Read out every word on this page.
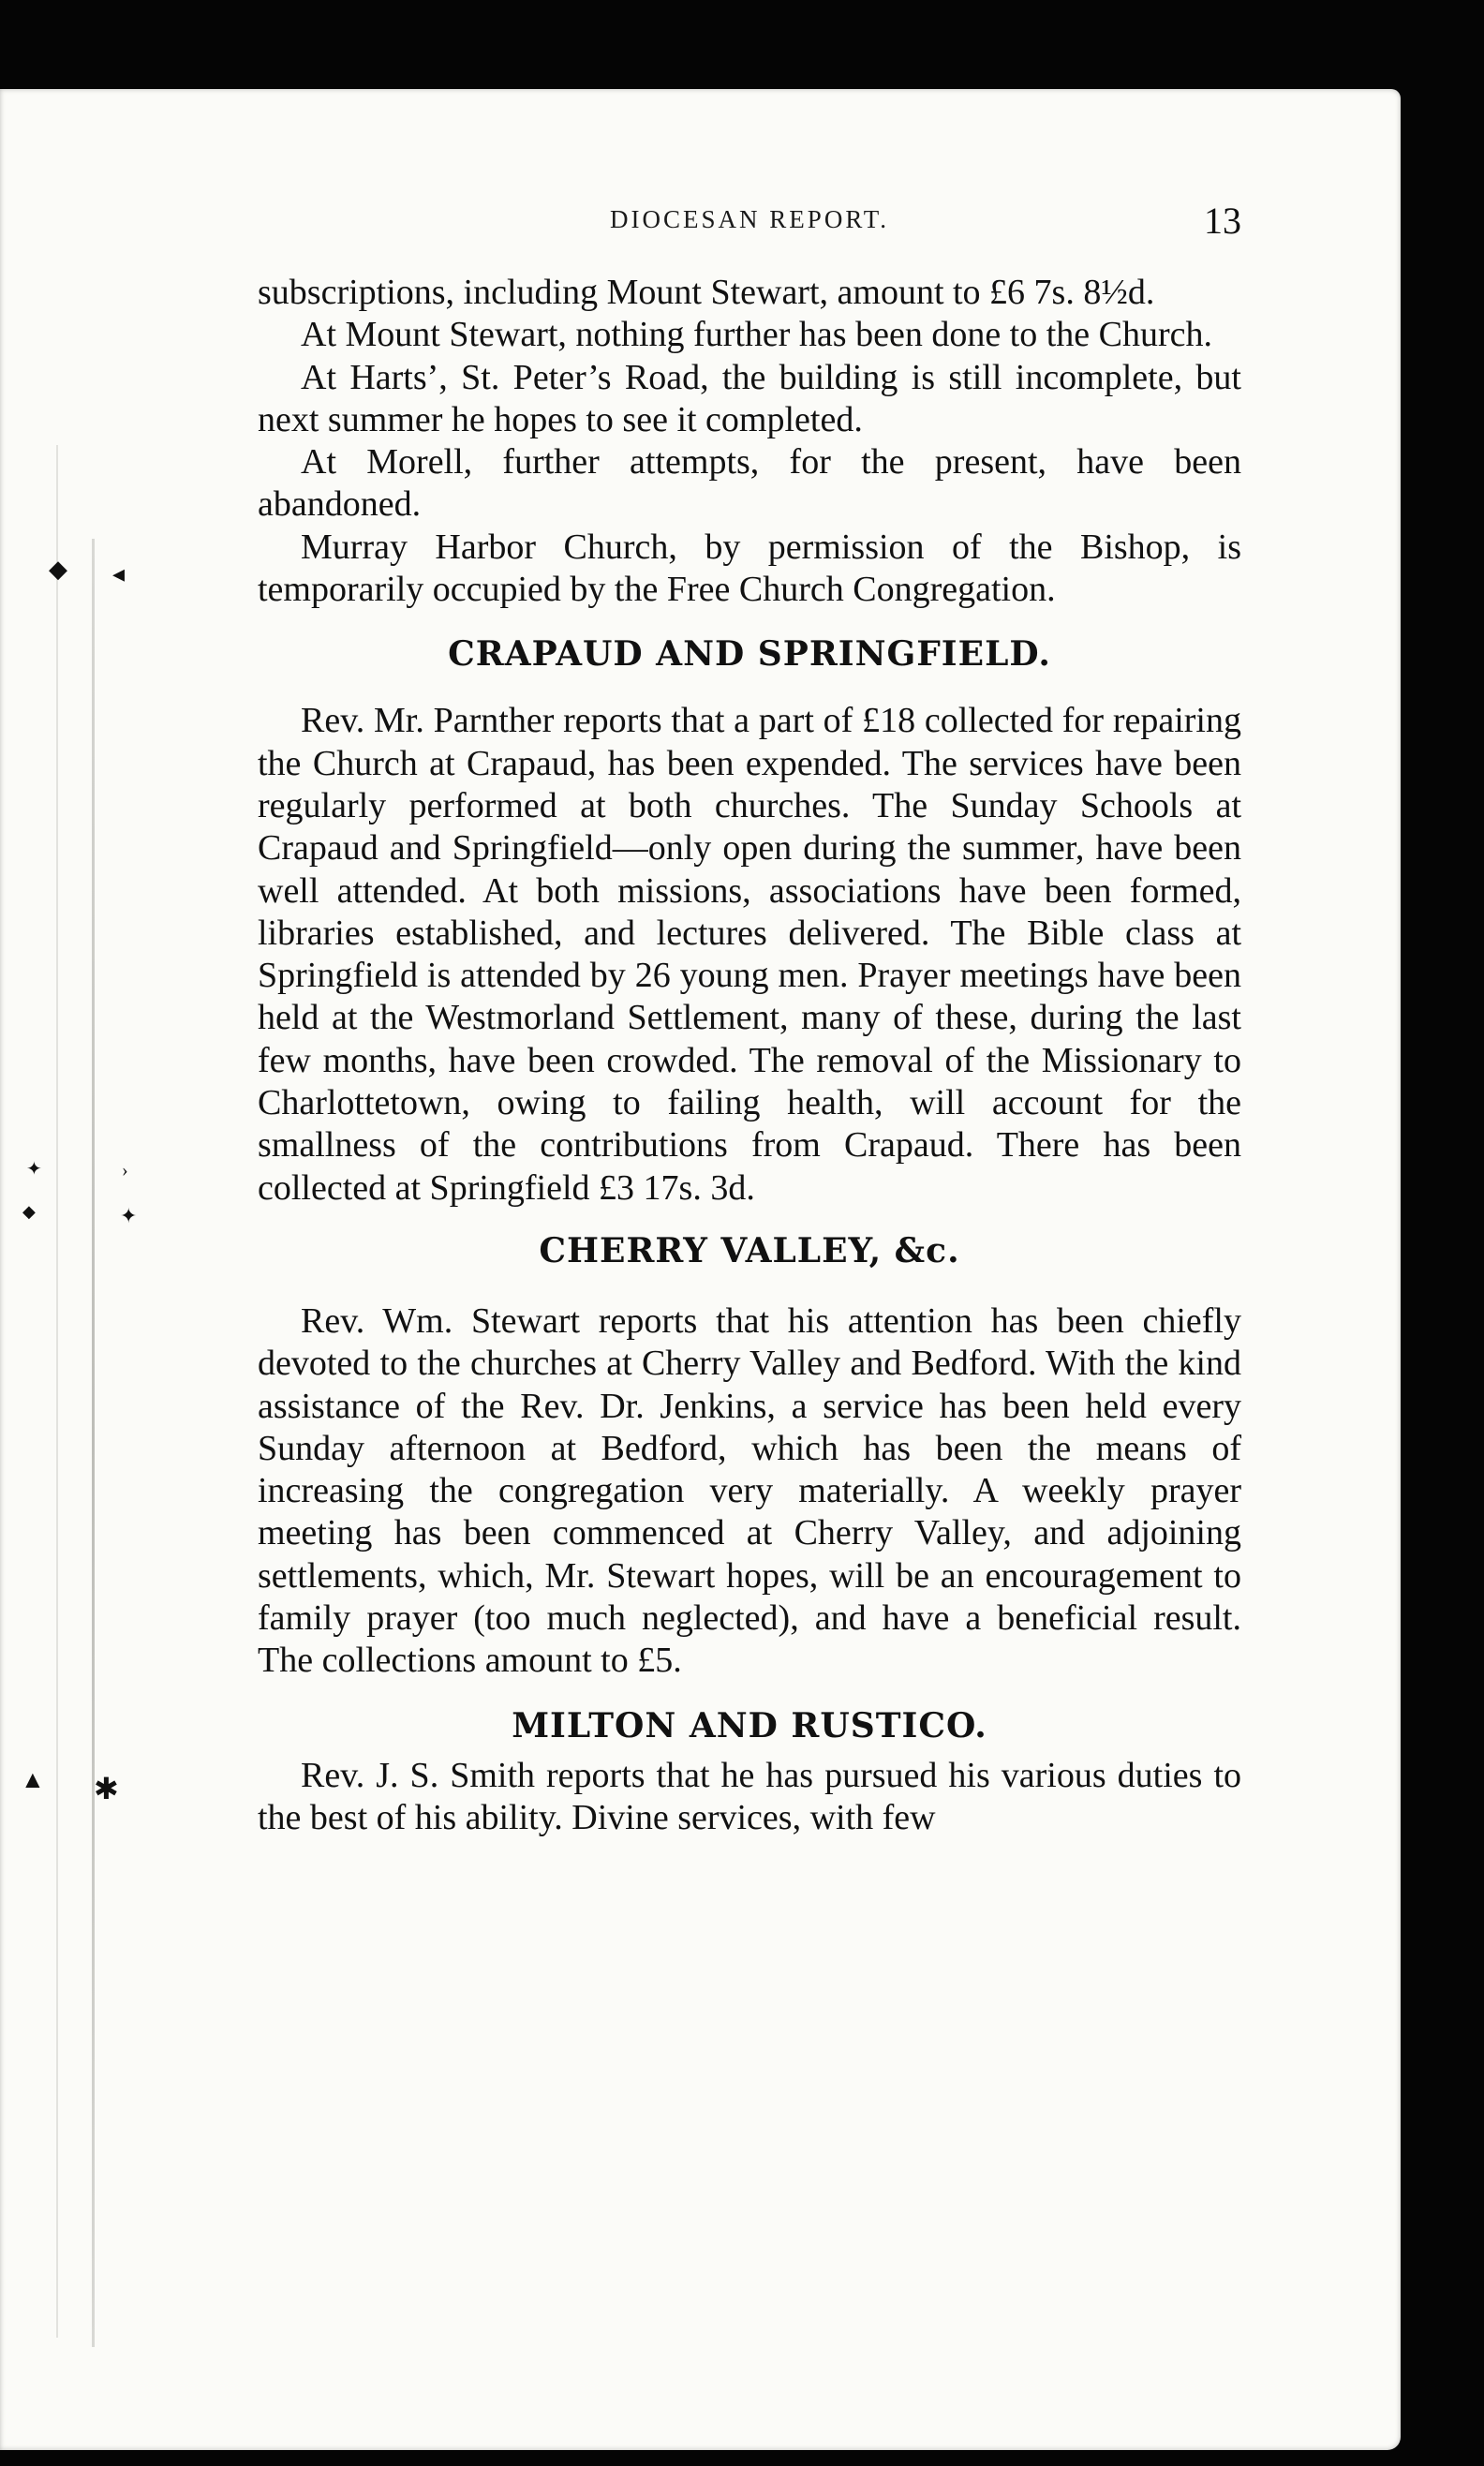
◆ ◂
✦	›
◆	✦
▲ ✱
DIOCESAN REPORT.	13

subscriptions, including Mount Stewart, amount to £6 7s. 8½d.

At Mount Stewart, nothing further has been done to the Church.

At Harts’, St. Peter’s Road, the building is still incomplete, but next summer he hopes to see it completed.

At Morell, further attempts, for the present, have been abandoned.

Murray Harbor Church, by permission of the Bishop, is temporarily occupied by the Free Church Congregation.

CRAPAUD AND SPRINGFIELD.

Rev. Mr. Parnther reports that a part of £18 collected for repairing the Church at Crapaud, has been expended. The services have been regularly performed at both churches. The Sunday Schools at Crapaud and Springfield—only open during the summer, have been well attended. At both missions, associations have been formed, libraries established, and lectures delivered. The Bible class at Springfield is attended by 26 young men. Prayer meetings have been held at the Westmorland Settlement, many of these, during the last few months, have been crowded. The removal of the Missionary to Charlottetown, owing to failing health, will account for the smallness of the contributions from Crapaud. There has been collected at Springfield £3 17s. 3d.

CHERRY VALLEY, &c.

Rev. Wm. Stewart reports that his attention has been chiefly devoted to the churches at Cherry Valley and Bedford. With the kind assistance of the Rev. Dr. Jenkins, a service has been held every Sunday afternoon at Bedford, which has been the means of increasing the congregation very materially. A weekly prayer meeting has been commenced at Cherry Valley, and adjoining settlements, which, Mr. Stewart hopes, will be an encouragement to family prayer (too much neglected), and have a beneficial result. The collections amount to £5.

MILTON AND RUSTICO.

Rev. J. S. Smith reports that he has pursued his various duties to the best of his ability. Divine services, with few
